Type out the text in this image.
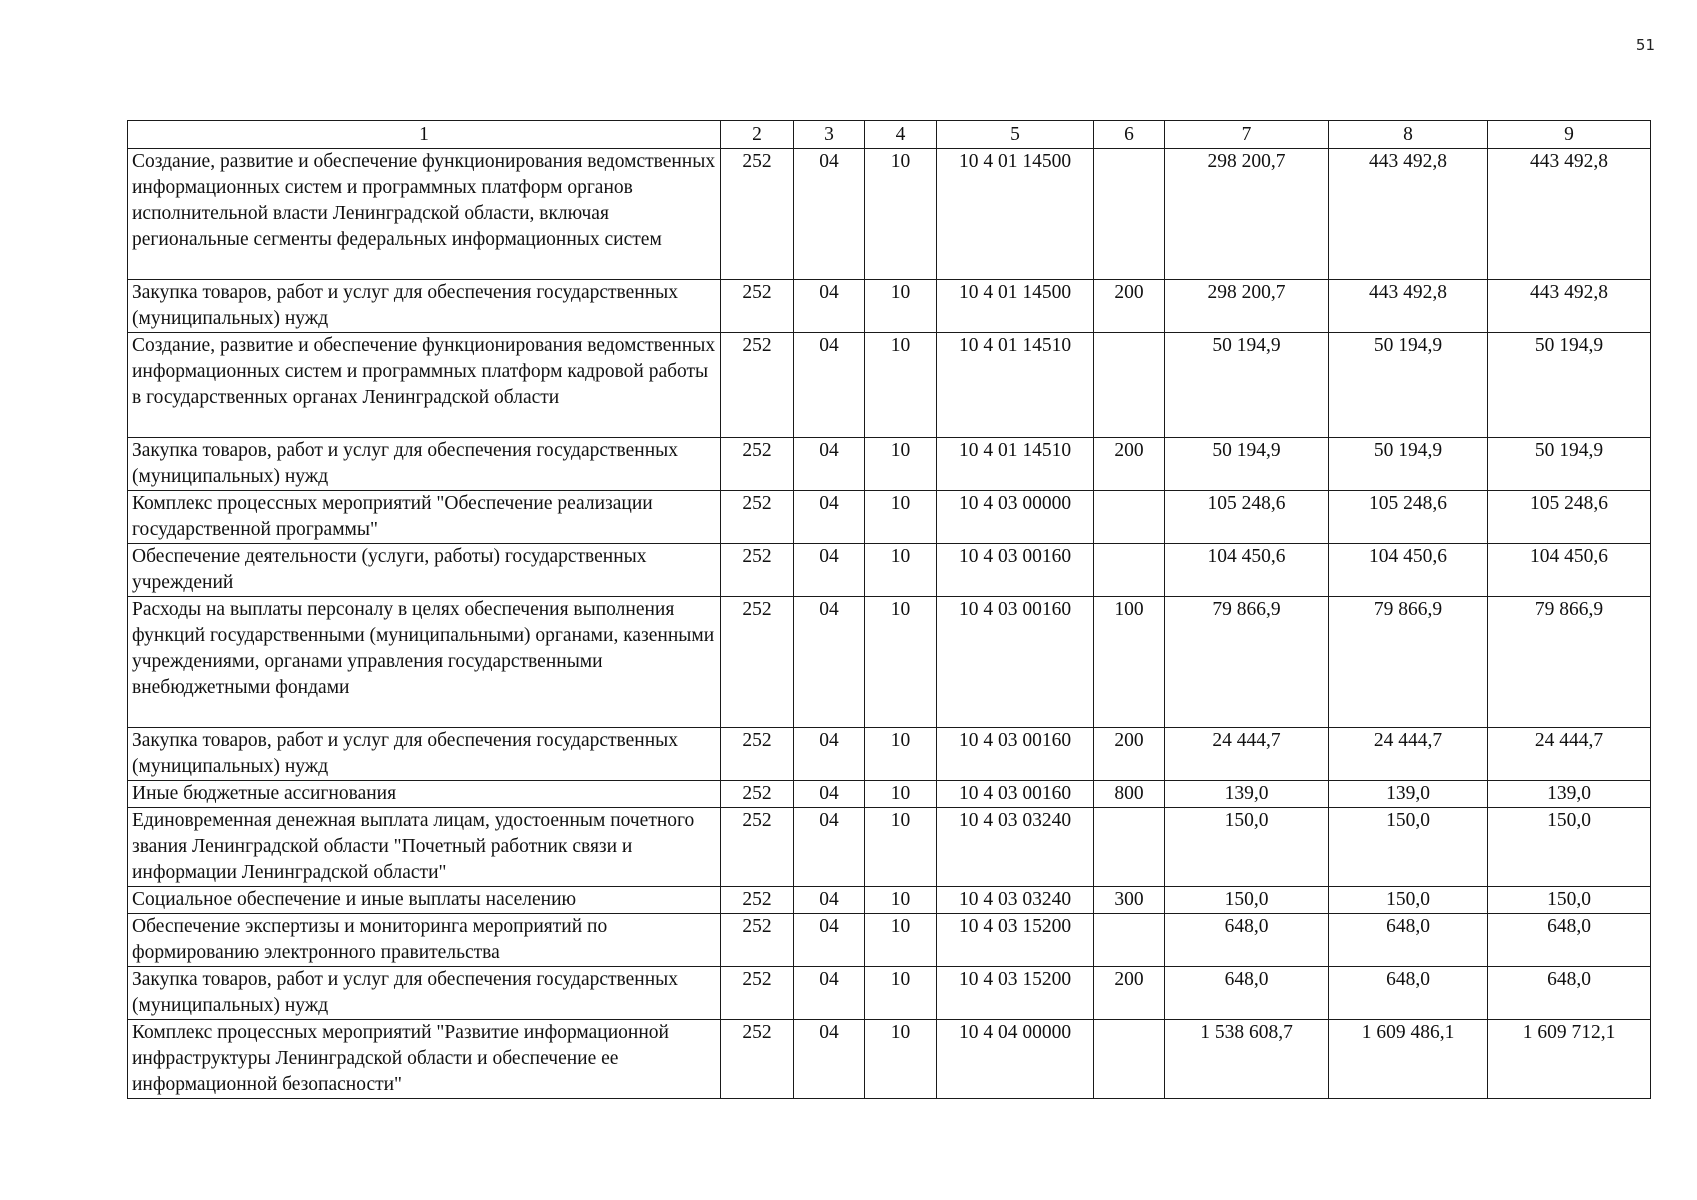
51
1	2	3	4	5	6	7	8	9
Создание, развитие и обеспечение функционирования ведомственных информационных систем и программных платформ органов исполнительной власти Ленинградской области, включая региональные сегменты федеральных информационных систем	252	04	10	10 4 01 14500		298 200,7	443 492,8	443 492,8
Закупка товаров, работ и услуг для обеспечения государственных (муниципальных) нужд	252	04	10	10 4 01 14500	200	298 200,7	443 492,8	443 492,8
Создание, развитие и обеспечение функционирования ведомственных информационных систем и программных платформ кадровой работы в государственных органах Ленинградской области	252	04	10	10 4 01 14510		50 194,9	50 194,9	50 194,9
Закупка товаров, работ и услуг для обеспечения государственных (муниципальных) нужд	252	04	10	10 4 01 14510	200	50 194,9	50 194,9	50 194,9
Комплекс процессных мероприятий "Обеспечение реализации государственной программы"	252	04	10	10 4 03 00000		105 248,6	105 248,6	105 248,6
Обеспечение деятельности (услуги, работы) государственных учреждений	252	04	10	10 4 03 00160		104 450,6	104 450,6	104 450,6
Расходы на выплаты персоналу в целях обеспечения выполнения функций государственными (муниципальными) органами, казенными учреждениями, органами управления государственными внебюджетными фондами	252	04	10	10 4 03 00160	100	79 866,9	79 866,9	79 866,9
Закупка товаров, работ и услуг для обеспечения государственных (муниципальных) нужд	252	04	10	10 4 03 00160	200	24 444,7	24 444,7	24 444,7
Иные бюджетные ассигнования	252	04	10	10 4 03 00160	800	139,0	139,0	139,0
Единовременная денежная выплата лицам, удостоенным почетного звания Ленинградской области "Почетный работник связи и информации Ленинградской области"	252	04	10	10 4 03 03240		150,0	150,0	150,0
Социальное обеспечение и иные выплаты населению	252	04	10	10 4 03 03240	300	150,0	150,0	150,0
Обеспечение экспертизы и мониторинга мероприятий по формированию электронного правительства	252	04	10	10 4 03 15200		648,0	648,0	648,0
Закупка товаров, работ и услуг для обеспечения государственных (муниципальных) нужд	252	04	10	10 4 03 15200	200	648,0	648,0	648,0
Комплекс процессных мероприятий "Развитие информационной инфраструктуры Ленинградской области и обеспечение ее информационной безопасности"	252	04	10	10 4 04 00000		1 538 608,7	1 609 486,1	1 609 712,1
